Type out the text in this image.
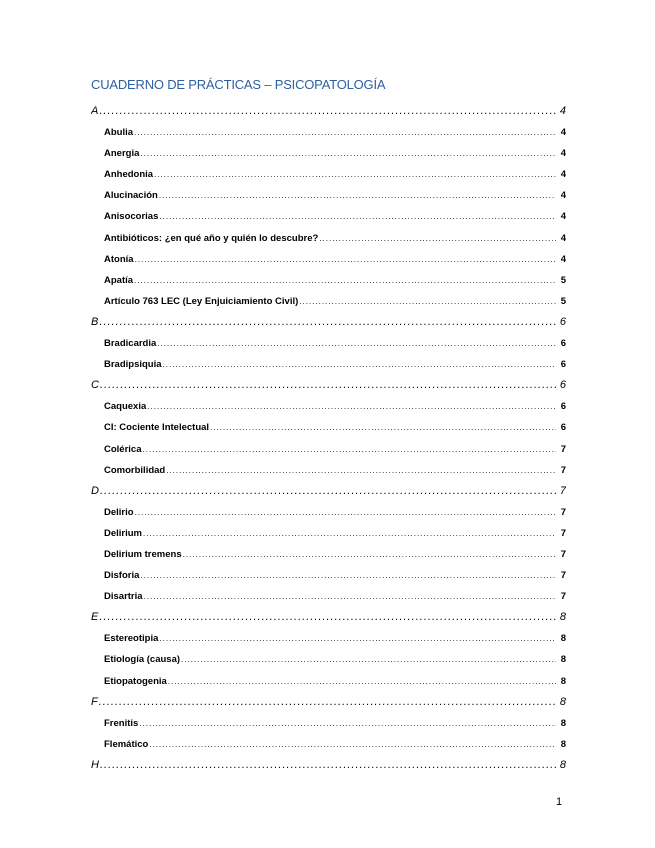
CUADERNO DE PRÁCTICAS – PSICOPATOLOGÍA
A .....	4
Abulia .....	4
Anergia .....	4
Anhedonia .....	4
Alucinación .....	4
Anisocorias .....	4
Antibióticos: ¿en qué año y quién lo descubre? .....	4
Atonía .....	4
Apatía .....	5
Artículo 763 LEC (Ley Enjuiciamiento Civil) .....	5
B .....	6
Bradicardia .....	6
Bradipsiquia .....	6
C .....	6
Caquexia .....	6
CI: Cociente Intelectual .....	6
Colérica .....	7
Comorbilidad .....	7
D .....	7
Delirio .....	7
Delirium .....	7
Delirium tremens .....	7
Disforia .....	7
Disartria .....	7
E .....	8
Estereotipia .....	8
Etiología (causa) .....	8
Etiopatogenia .....	8
F .....	8
Frenitis .....	8
Flemático .....	8
H .....	8
1
